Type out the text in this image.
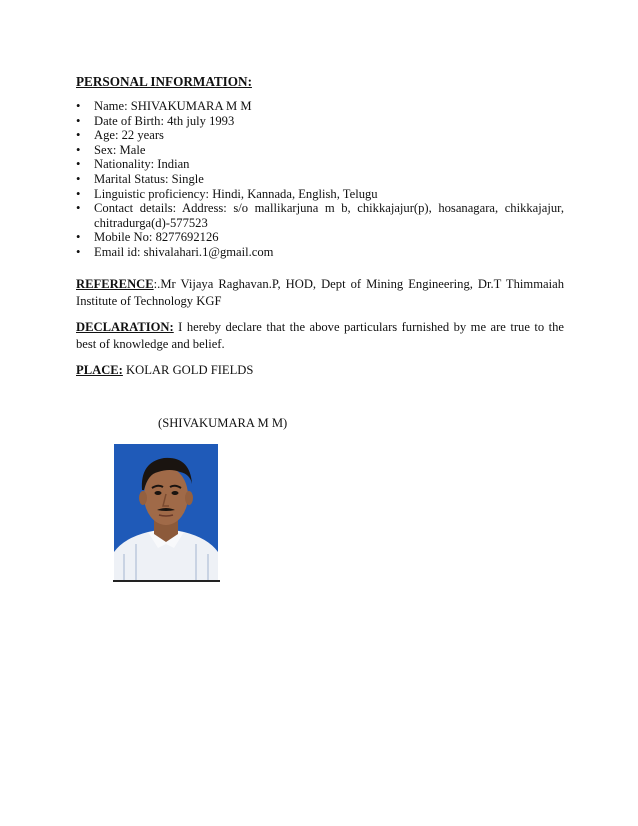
PERSONAL INFORMATION:
• Name: SHIVAKUMARA M M
• Date of Birth: 4th july 1993
• Age: 22 years
• Sex: Male
• Nationality: Indian
• Marital Status: Single
• Linguistic proficiency: Hindi, Kannada, English, Telugu
• Contact details: Address: s/o mallikarjuna m b, chikkajajur(p), hosanagara, chikkajajur, chitradurga(d)-577523
• Mobile No: 8277692126
• Email id: shivalahari.1@gmail.com
REFERENCE:.Mr Vijaya Raghavan.P, HOD, Dept of Mining Engineering, Dr.T Thimmaiah Institute of Technology KGF
DECLARATION: I hereby declare that the above particulars furnished by me are true to the best of knowledge and belief.
PLACE: KOLAR GOLD FIELDS
(SHIVAKUMARA M M)
